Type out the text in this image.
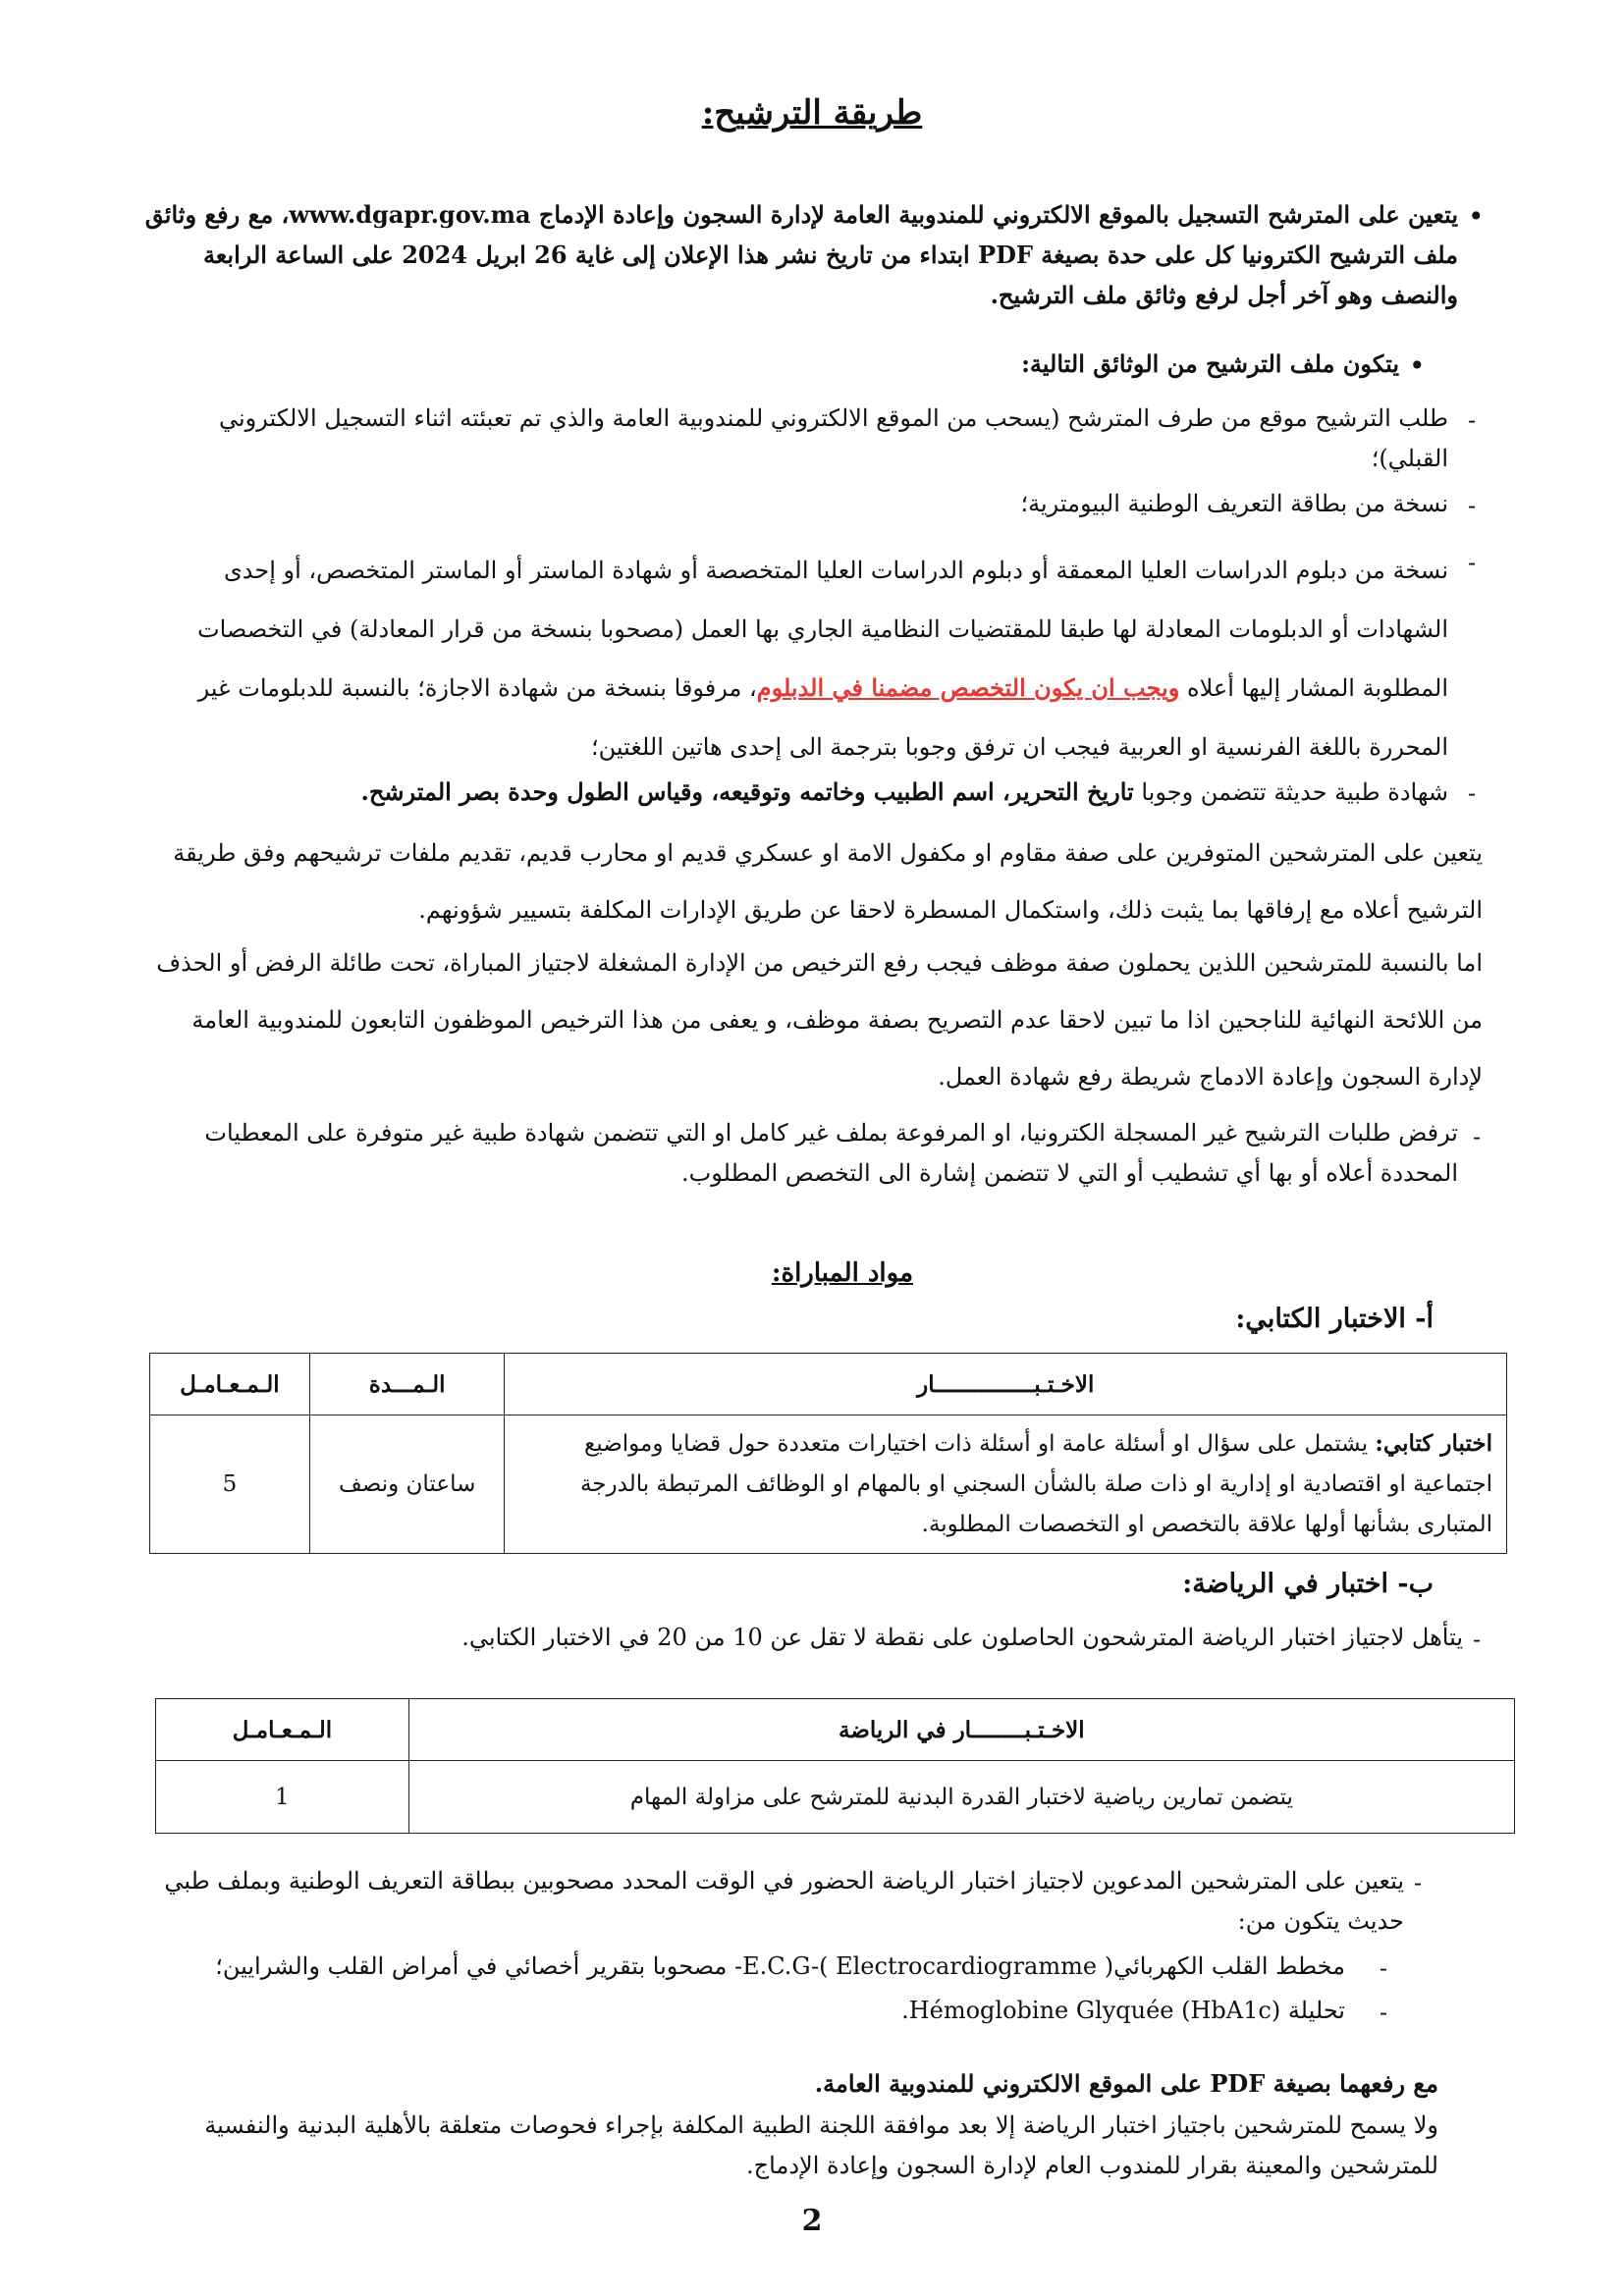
طريقة الترشيح:
•

يتعين على المترشح التسجيل بالموقع الالكتروني للمندوبية العامة لإدارة السجون وإعادة الإدماج www.dgapr.gov.ma، مع رفع وثائق ملف الترشيح الكترونيا كل على حدة بصيغة PDF ابتداء من تاريخ نشر هذا الإعلان إلى غاية 26 ابريل 2024 على الساعة الرابعة والنصف وهو آخر أجل لرفع وثائق ملف الترشيح.

•

يتكون ملف الترشيح من الوثائق التالية:

-

طلب الترشيح موقع من طرف المترشح (يسحب من الموقع الالكتروني للمندوبية العامة والذي تم تعبئته اثناء التسجيل الالكتروني القبلي)؛

-

نسخة من بطاقة التعريف الوطنية البيومترية؛

-

نسخة من دبلوم الدراسات العليا المعمقة أو دبلوم الدراسات العليا المتخصصة أو شهادة الماستر أو الماستر المتخصص، أو إحدى الشهادات أو الدبلومات المعادلة لها طبقا للمقتضيات النظامية الجاري بها العمل (مصحوبا بنسخة من قرار المعادلة) في التخصصات المطلوبة المشار إليها أعلاه ويجب ان يكون التخصص مضمنا في الدبلوم، مرفوقا بنسخة من شهادة الاجازة؛ بالنسبة للدبلومات غير المحررة باللغة الفرنسية او العربية فيجب ان ترفق وجوبا بترجمة الى إحدى هاتين اللغتين؛

-

شهادة طبية حديثة تتضمن وجوبا تاريخ التحرير، اسم الطبيب وخاتمه وتوقيعه، وقياس الطول وحدة بصر المترشح.

يتعين على المترشحين المتوفرين على صفة مقاوم او مكفول الامة او عسكري قديم او محارب قديم، تقديم ملفات ترشيحهم وفق طريقة الترشيح أعلاه مع إرفاقها بما يثبت ذلك، واستكمال المسطرة لاحقا عن طريق الإدارات المكلفة بتسيير شؤونهم.

اما بالنسبة للمترشحين اللذين يحملون صفة موظف فيجب رفع الترخيص من الإدارة المشغلة لاجتياز المباراة، تحت طائلة الرفض أو الحذف من اللائحة النهائية للناجحين اذا ما تبين لاحقا عدم التصريح بصفة موظف، و يعفى من هذا الترخيص الموظفون التابعون للمندوبية العامة لإدارة السجون وإعادة الادماج شريطة رفع شهادة العمل.

-

ترفض طلبات الترشيح غير المسجلة الكترونيا، او المرفوعة بملف غير كامل او التي تتضمن شهادة طبية غير متوفرة على المعطيات المحددة أعلاه أو بها أي تشطيب أو التي لا تتضمن إشارة الى التخصص المطلوب.

مواد المباراة:
أ- الاختبار الكتابي:
الاخـتـبـــــــــــــــار	الـمـــدة	الـمـعـامـل
اختبار كتابي: يشتمل على سؤال او أسئلة عامة او أسئلة ذات اختيارات متعددة حول قضايا ومواضيع اجتماعية او اقتصادية او إدارية او ذات صلة بالشأن السجني او بالمهام او الوظائف المرتبطة بالدرجة المتبارى بشأنها أولها علاقة بالتخصص او التخصصات المطلوبة.	ساعتان ونصف	5
ب- اختبار في الرياضة:
-

يتأهل لاجتياز اختبار الرياضة المترشحون الحاصلون على نقطة لا تقل عن 10 من 20 في الاختبار الكتابي.

الاخـتـبــــــــار في الرياضة	الـمـعـامـل
يتضمن تمارين رياضية لاختبار القدرة البدنية للمترشح على مزاولة المهام	1
-

يتعين على المترشحين المدعوين لاجتياز اختبار الرياضة الحضور في الوقت المحدد مصحوبين ببطاقة التعريف الوطنية وبملف طبي حديث يتكون من:

-

مخطط القلب الكهربائيE.C.G-( Electrocardiogramme )- مصحوبا بتقرير أخصائي في أمراض القلب والشرايين؛

-

تحليلة Hémoglobine Glyquée (HbA1c).

مع رفعهما بصيغة PDF على الموقع الالكتروني للمندوبية العامة.

ولا يسمح للمترشحين باجتياز اختبار الرياضة إلا بعد موافقة اللجنة الطبية المكلفة بإجراء فحوصات متعلقة بالأهلية البدنية والنفسية للمترشحين والمعينة بقرار للمندوب العام لإدارة السجون وإعادة الإدماج.

2
